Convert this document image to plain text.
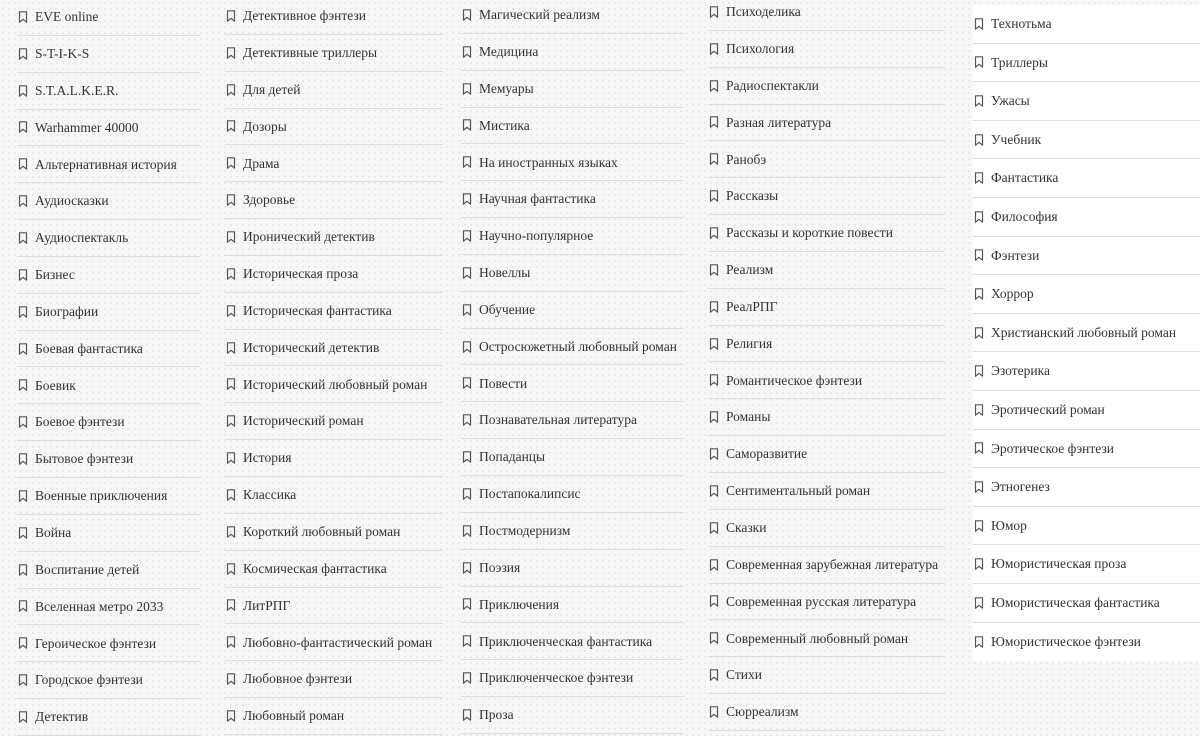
EVE online
S-T-I-K-S
S.T.A.L.K.E.R.
Warhammer 40000
Альтернативная история
Аудиосказки
Аудиоспектакль
Бизнес
Биографии
Боевая фантастика
Боевик
Боевое фэнтези
Бытовое фэнтези
Военные приключения
Война
Воспитание детей
Вселенная метро 2033
Героическое фэнтези
Городское фэнтези
Детектив
Детективное фэнтези
Детективные триллеры
Для детей
Дозоры
Драма
Здоровье
Иронический детектив
Историческая проза
Историческая фантастика
Исторический детектив
Исторический любовный роман
Исторический роман
История
Классика
Короткий любовный роман
Космическая фантастика
ЛитРПГ
Любовно-фантастический роман
Любовное фэнтези
Любовный роман
Магический реализм
Медицина
Мемуары
Мистика
На иностранных языках
Научная фантастика
Научно-популярное
Новеллы
Обучение
Остросюжетный любовный роман
Повести
Познавательная литература
Попаданцы
Постапокалипсис
Постмодернизм
Поэзия
Приключения
Приключенческая фантастика
Приключенческое фэнтези
Проза
Психоделика
Психология
Радиоспектакли
Разная литература
Ранобэ
Рассказы
Рассказы и короткие повести
Реализм
РеалРПГ
Религия
Романтическое фэнтези
Романы
Саморазвитие
Сентиментальный роман
Сказки
Современная зарубежная литература
Современная русская литература
Современный любовный роман
Стихи
Сюрреализм
Технотьма
Триллеры
Ужасы
Учебник
Фантастика
Философия
Фэнтези
Хоррор
Христианский любовный роман
Эзотерика
Эротический роман
Эротическое фэнтези
Этногенез
Юмор
Юмористическая проза
Юмористическая фантастика
Юмористическое фэнтези
